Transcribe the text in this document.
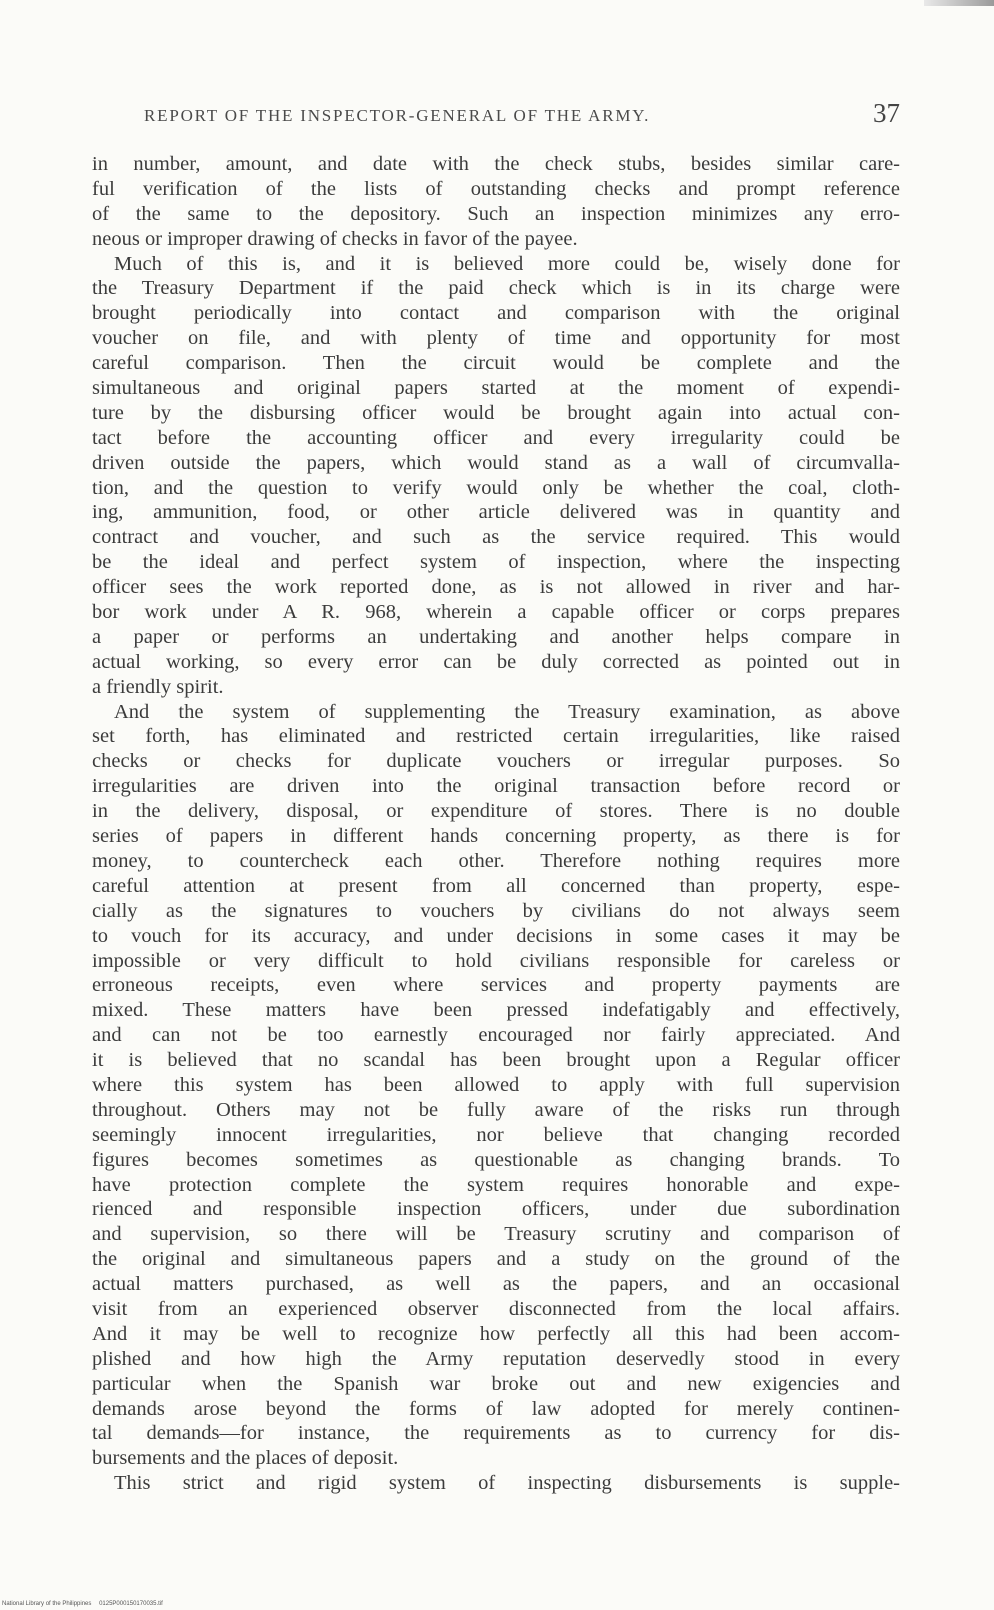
REPORT OF THE INSPECTOR-GENERAL OF THE ARMY.	37
in number, amount, and date with the check stubs, besides similar care-
ful verification of the lists of outstanding checks and prompt reference
of the same to the depository. Such an inspection minimizes any erro-
neous or improper drawing of checks in favor of the payee.
Much of this is, and it is believed more could be, wisely done for
the Treasury Department if the paid check which is in its charge were
brought periodically into contact and comparison with the original
voucher on file, and with plenty of time and opportunity for most
careful comparison. Then the circuit would be complete and the
simultaneous and original papers started at the moment of expendi-
ture by the disbursing officer would be brought again into actual con-
tact before the accounting officer and every irregularity could be
driven outside the papers, which would stand as a wall of circumvalla-
tion, and the question to verify would only be whether the coal, cloth-
ing, ammunition, food, or other article delivered was in quantity and
contract and voucher, and such as the service required. This would
be the ideal and perfect system of inspection, where the inspecting
officer sees the work reported done, as is not allowed in river and har-
bor work under A R. 968, wherein a capable officer or corps prepares
a paper or performs an undertaking and another helps compare in
actual working, so every error can be duly corrected as pointed out in
a friendly spirit.
And the system of supplementing the Treasury examination, as above
set forth, has eliminated and restricted certain irregularities, like raised
checks or checks for duplicate vouchers or irregular purposes. So
irregularities are driven into the original transaction before record or
in the delivery, disposal, or expenditure of stores. There is no double
series of papers in different hands concerning property, as there is for
money, to countercheck each other. Therefore nothing requires more
careful attention at present from all concerned than property, espe-
cially as the signatures to vouchers by civilians do not always seem
to vouch for its accuracy, and under decisions in some cases it may be
impossible or very difficult to hold civilians responsible for careless or
erroneous receipts, even where services and property payments are
mixed. These matters have been pressed indefatigably and effectively,
and can not be too earnestly encouraged nor fairly appreciated. And
it is believed that no scandal has been brought upon a Regular officer
where this system has been allowed to apply with full supervision
throughout. Others may not be fully aware of the risks run through
seemingly innocent irregularities, nor believe that changing recorded
figures becomes sometimes as questionable as changing brands. To
have protection complete the system requires honorable and expe-
rienced and responsible inspection officers, under due subordination
and supervision, so there will be Treasury scrutiny and comparison of
the original and simultaneous papers and a study on the ground of the
actual matters purchased, as well as the papers, and an occasional
visit from an experienced observer disconnected from the local affairs.
And it may be well to recognize how perfectly all this had been accom-
plished and how high the Army reputation deservedly stood in every
particular when the Spanish war broke out and new exigencies and
demands arose beyond the forms of law adopted for merely continen-
tal demands—for instance, the requirements as to currency for dis-
bursements and the places of deposit.
This strict and rigid system of inspecting disbursements is supple-
National Library of the Philippines 0125P000150170035.tif
